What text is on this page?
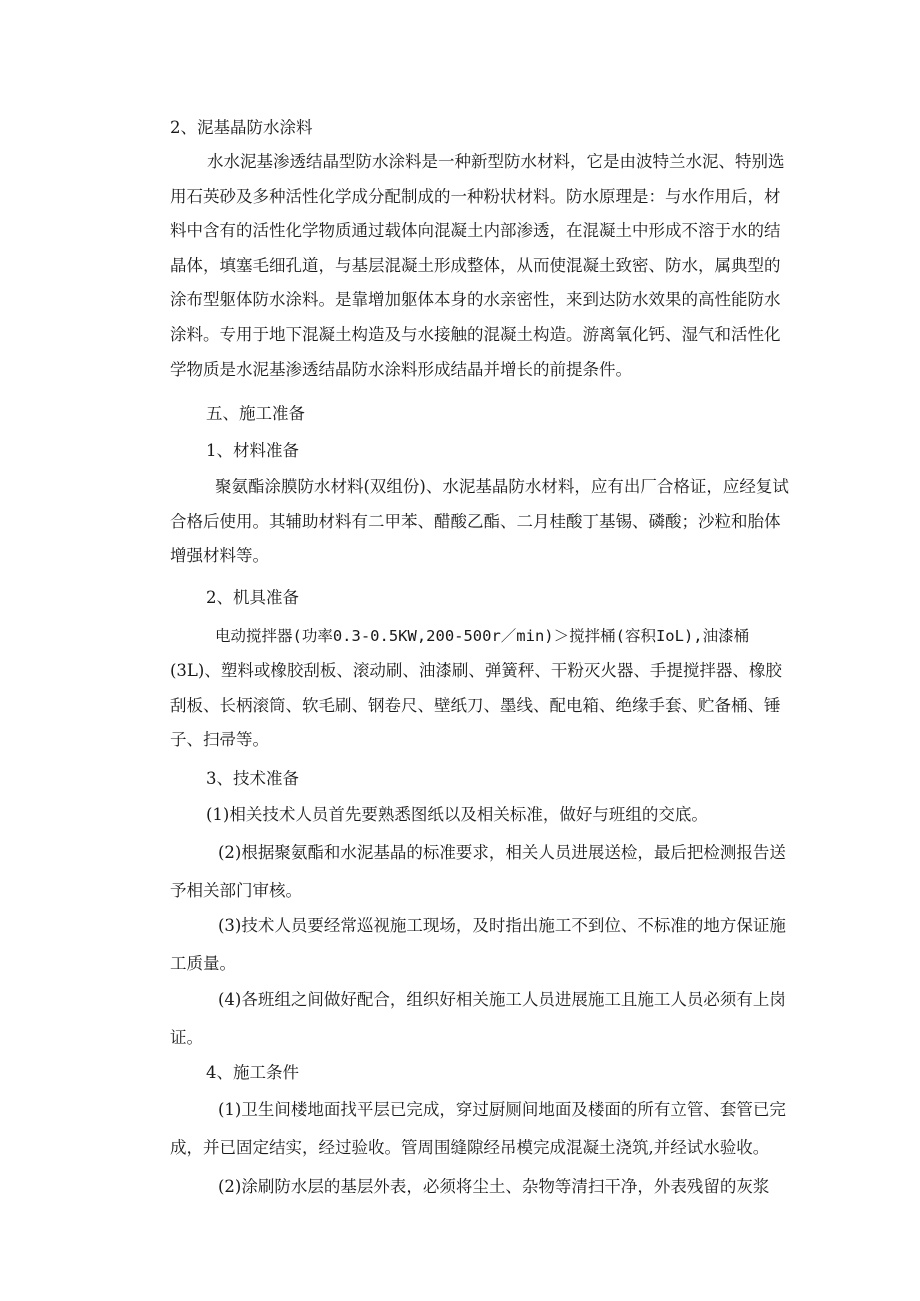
2、泥基晶防水涂料

水水泥基渗透结晶型防水涂料是一种新型防水材料，它是由波特兰水泥、特别选用石英砂及多种活性化学成分配制成的一种粉状材料。防水原理是：与水作用后，材料中含有的活性化学物质通过载体向混凝土内部渗透，在混凝土中形成不溶于水的结晶体，填塞毛细孔道，与基层混凝土形成整体，从而使混凝土致密、防水，属典型的涂布型躯体防水涂料。是靠增加躯体本身的水亲密性，来到达防水效果的高性能防水涂料。专用于地下混凝土构造及与水接触的混凝土构造。游离氧化钙、湿气和活性化学物质是水泥基渗透结晶防水涂料形成结晶并增长的前提条件。

五、施工准备

1、材料准备

聚氨酯涂膜防水材料(双组份)、水泥基晶防水材料，应有出厂合格证，应经复试合格后使用。其辅助材料有二甲苯、醋酸乙酯、二月桂酸丁基锡、磷酸；沙粒和胎体增强材料等。

2、机具准备

电动搅拌器(功率0.3-0.5KW,200-500r／min)＞搅拌桶(容积IoL),油漆桶

(3L)、塑料或橡胶刮板、滚动刷、油漆刷、弹簧秤、干粉灭火器、手提搅拌器、橡胶刮板、长柄滚筒、软毛刷、钢卷尺、壁纸刀、墨线、配电箱、绝缘手套、贮备桶、锤子、扫帚等。

3、技术准备

(1)相关技术人员首先要熟悉图纸以及相关标准，做好与班组的交底。

(2)根据聚氨酯和水泥基晶的标准要求，相关人员进展送检，最后把检测报告送予相关部门审核。

(3)技术人员要经常巡视施工现场，及时指出施工不到位、不标准的地方保证施工质量。

(4)各班组之间做好配合，组织好相关施工人员进展施工且施工人员必须有上岗证。

4、施工条件

(1)卫生间楼地面找平层已完成，穿过厨厕间地面及楼面的所有立管、套管已完成，并已固定结实，经过验收。管周围缝隙经吊模完成混凝土浇筑,并经试水验收。

(2)涂刷防水层的基层外表，必须将尘土、杂物等清扫干净，外表残留的灰浆
